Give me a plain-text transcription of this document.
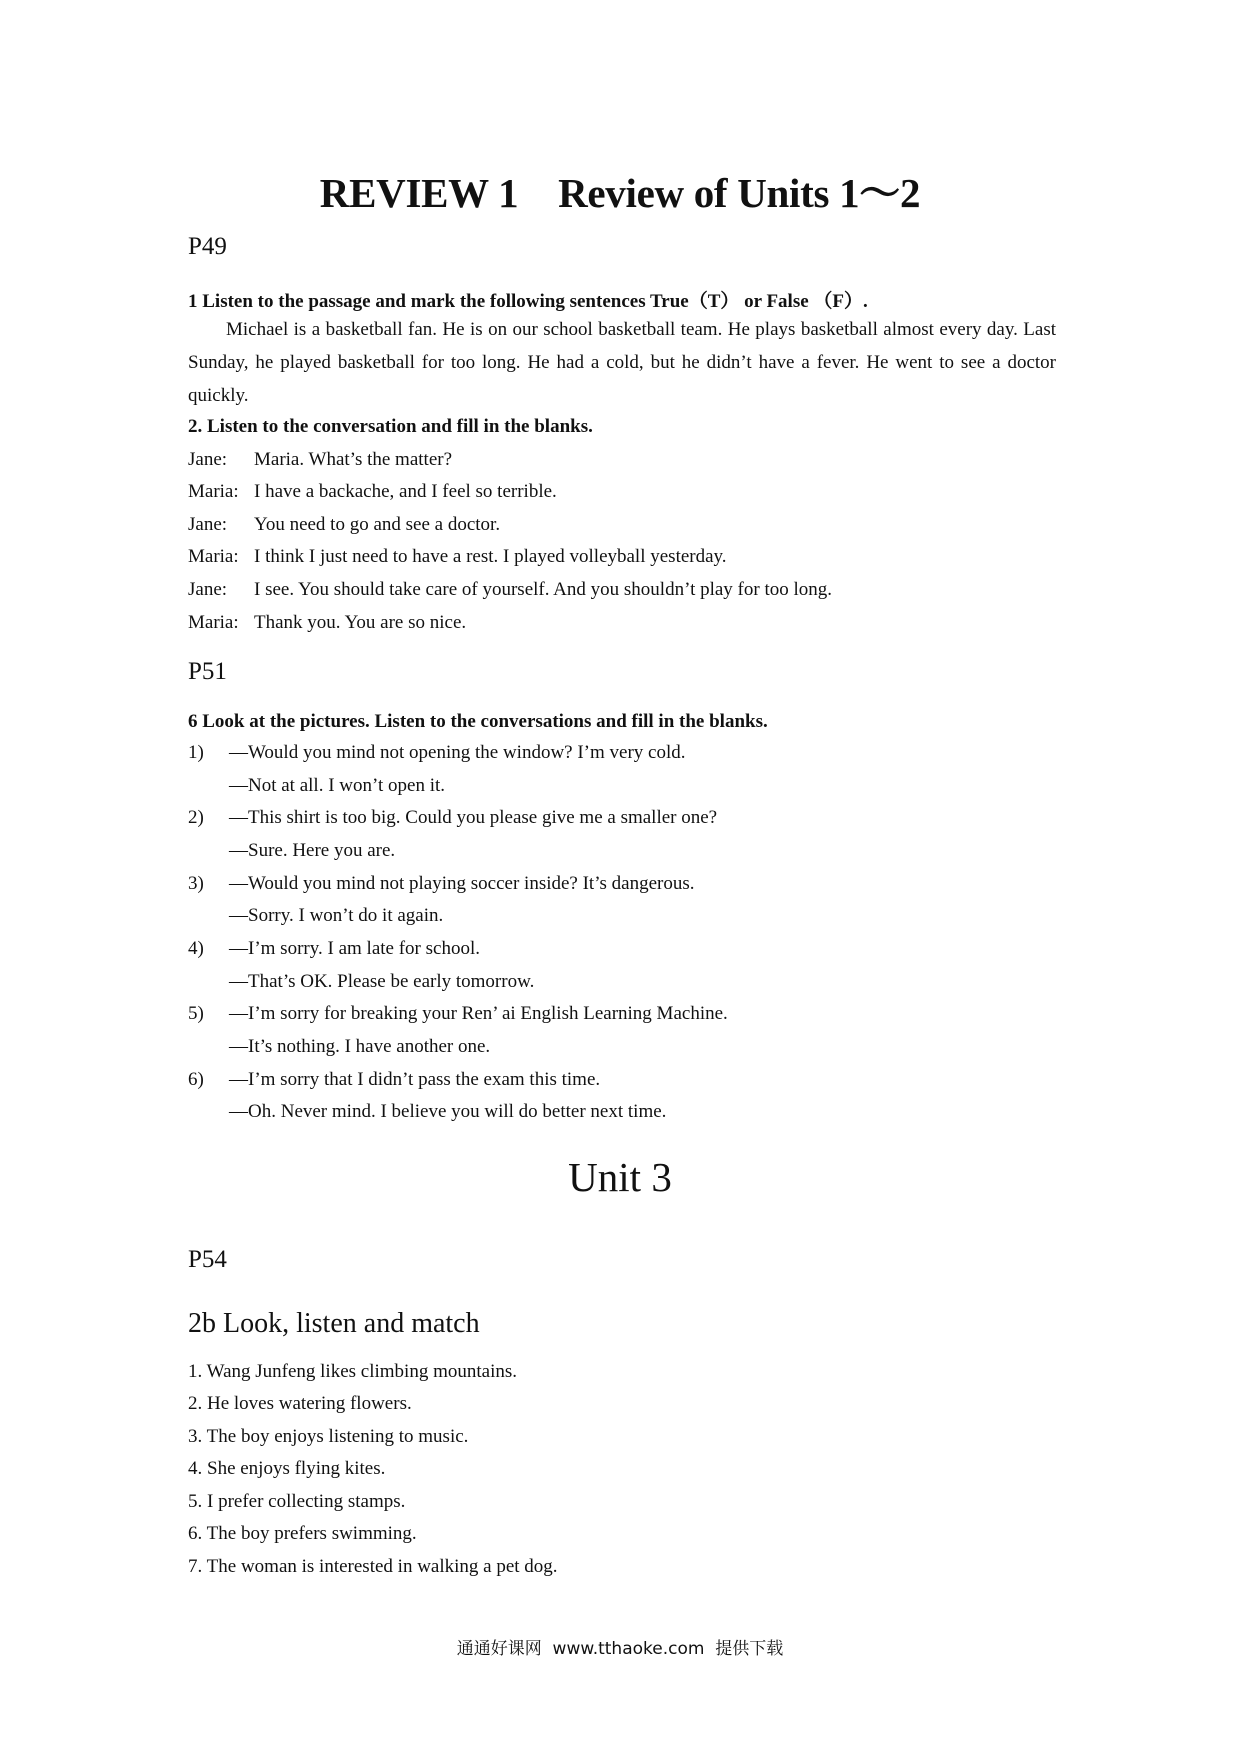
REVIEW 1    Review of Units 1～2
P49
1 Listen to the passage and mark the following sentences True（T） or False （F）.
Michael is a basketball fan. He is on our school basketball team. He plays basketball almost every day. Last Sunday, he played basketball for too long. He had a cold, but he didn’t have a fever. He went to see a doctor quickly.
2. Listen to the conversation and fill in the blanks.
Jane: Maria. What’s the matter?
Maria: I have a backache, and I feel so terrible.
Jane: You need to go and see a doctor.
Maria: I think I just need to have a rest. I played volleyball yesterday.
Jane: I see. You should take care of yourself. And you shouldn’t play for too long.
Maria: Thank you. You are so nice.
P51
6 Look at the pictures. Listen to the conversations and fill in the blanks.
1) —Would you mind not opening the window? I’m very cold.
—Not at all. I won’t open it.
2) —This shirt is too big. Could you please give me a smaller one?
—Sure. Here you are.
3) —Would you mind not playing soccer inside? It’s dangerous.
—Sorry. I won’t do it again.
4) —I’m sorry. I am late for school.
—That’s OK. Please be early tomorrow.
5) —I’m sorry for breaking your Ren’ ai English Learning Machine.
—It’s nothing. I have another one.
6) —I’m sorry that I didn’t pass the exam this time.
—Oh. Never mind. I believe you will do better next time.
Unit 3
P54
2b Look, listen and match
1. Wang Junfeng likes climbing mountains.
2. He loves watering flowers.
3. The boy enjoys listening to music.
4. She enjoys flying kites.
5. I prefer collecting stamps.
6. The boy prefers swimming.
7. The woman is interested in walking a pet dog.
通通好课网  www.tthaoke.com  提供下载
